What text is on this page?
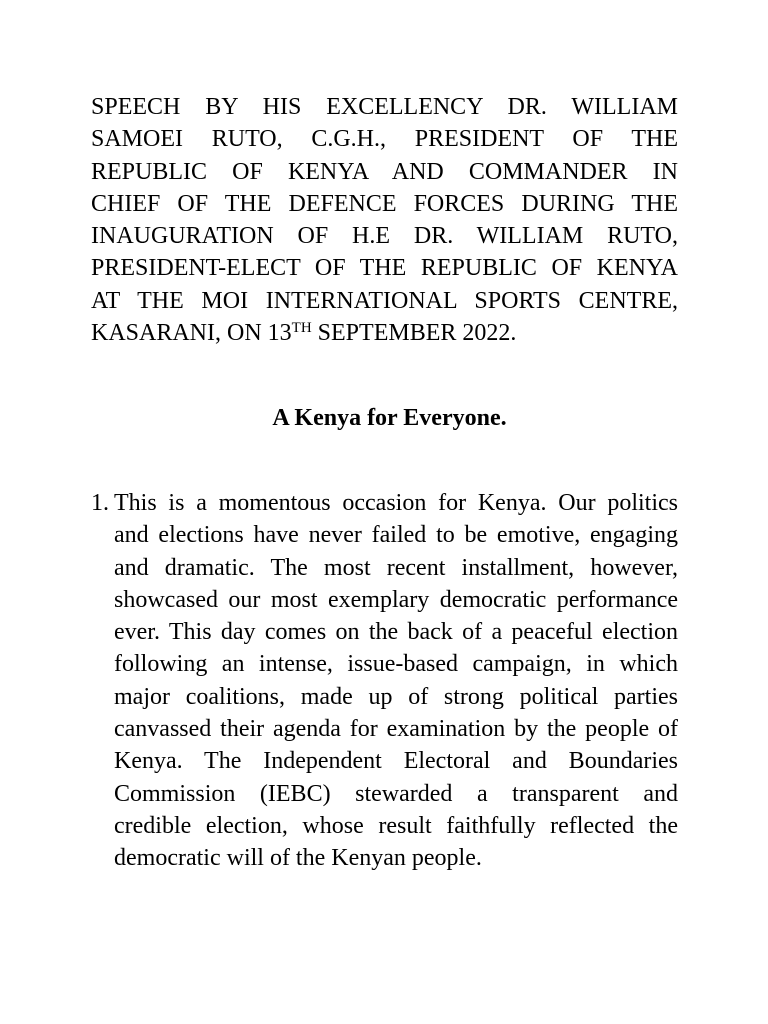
SPEECH BY HIS EXCELLENCY DR. WILLIAM
SAMOEI RUTO, C.G.H., PRESIDENT OF THE
REPUBLIC OF KENYA AND COMMANDER IN
CHIEF OF THE DEFENCE FORCES DURING THE
INAUGURATION OF H.E DR. WILLIAM RUTO,
PRESIDENT-ELECT OF THE REPUBLIC OF KENYA
AT THE MOI INTERNATIONAL SPORTS CENTRE,
KASARANI, ON 13TH SEPTEMBER 2022.
A Kenya for Everyone.
1. This is a momentous occasion for Kenya. Our politics
and elections have never failed to be emotive, engaging
and dramatic. The most recent installment, however,
showcased our most exemplary democratic performance
ever. This day comes on the back of a peaceful election
following an intense, issue-based campaign, in which
major coalitions, made up of strong political parties
canvassed their agenda for examination by the people of
Kenya. The Independent Electoral and Boundaries
Commission (IEBC) stewarded a transparent and
credible election, whose result faithfully reflected the
democratic will of the Kenyan people.
